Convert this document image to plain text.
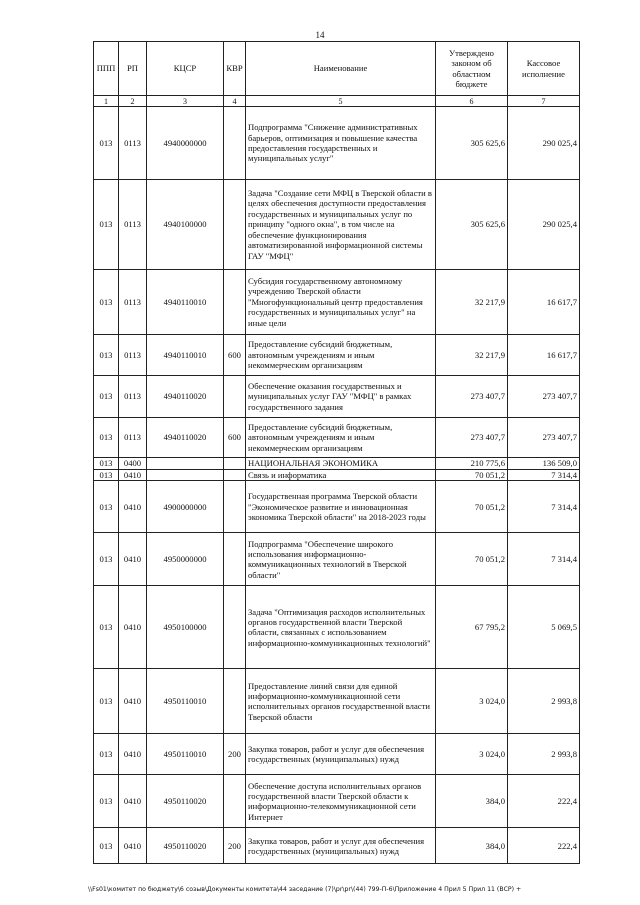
14
ППП	РП	КЦСР	КВР	Наименование	Утверждено законом об областном бюджете	Кассовое исполнение
1	2	3	4	5	6	7
013	0113	4940000000		Подпрограмма "Снижение административных барьеров, оптимизация и повышение качества предоставления государственных и муниципальных услуг"	305 625,6	290 025,4
013	0113	4940100000		Задача "Создание сети МФЦ в Тверской области в целях обеспечения доступности предоставления государственных и муниципальных услуг по принципу "одного окна", в том числе на обеспечение функционирования автоматизированной информационной системы ГАУ "МФЦ"	305 625,6	290 025,4
013	0113	4940110010		Субсидия государственному автономному учреждению Тверской области "Многофункциональный центр предоставления государственных и муниципальных услуг" на иные цели	32 217,9	16 617,7
013	0113	4940110010	600	Предоставление субсидий бюджетным, автономным учреждениям и иным некоммерческим организациям	32 217,9	16 617,7
013	0113	4940110020		Обеспечение оказания государственных и муниципальных услуг ГАУ "МФЦ" в рамках государственного задания	273 407,7	273 407,7
013	0113	4940110020	600	Предоставление субсидий бюджетным, автономным учреждениям и иным некоммерческим организациям	273 407,7	273 407,7
013	0400			НАЦИОНАЛЬНАЯ ЭКОНОМИКА	210 775,6	136 509,0
013	0410			Связь и информатика	70 051,2	7 314,4
013	0410	4900000000		Государственная программа Тверской области "Экономическое развитие и инновационная экономика Тверской области" на 2018-2023 годы	70 051,2	7 314,4
013	0410	4950000000		Подпрограмма "Обеспечение широкого использования информационно-коммуникационных технологий в Тверской области"	70 051,2	7 314,4
013	0410	4950100000		Задача "Оптимизация расходов исполнительных органов государственной власти Тверской области, связанных с использованием информационно-коммуникационных технологий"	67 795,2	5 069,5
013	0410	4950110010		Предоставление линий связи для единой информационно-коммуникационной сети исполнительных органов государственной власти Тверской области	3 024,0	2 993,8
013	0410	4950110010	200	Закупка товаров, работ и услуг для обеспечения государственных (муниципальных) нужд	3 024,0	2 993,8
013	0410	4950110020		Обеспечение доступа исполнительных органов государственной власти Тверской области к информационно-телекоммуникационной сети Интернет	384,0	222,4
013	0410	4950110020	200	Закупка товаров, работ и услуг для обеспечения государственных (муниципальных) нужд	384,0	222,4
\\Fs01\комитет по бюджету\6 созыв\Документы комитета\44 заседание (7)\pr\pr\(44) 799-П-6\Приложение 4 Прил 5 Прил 11 (ВСР) +
